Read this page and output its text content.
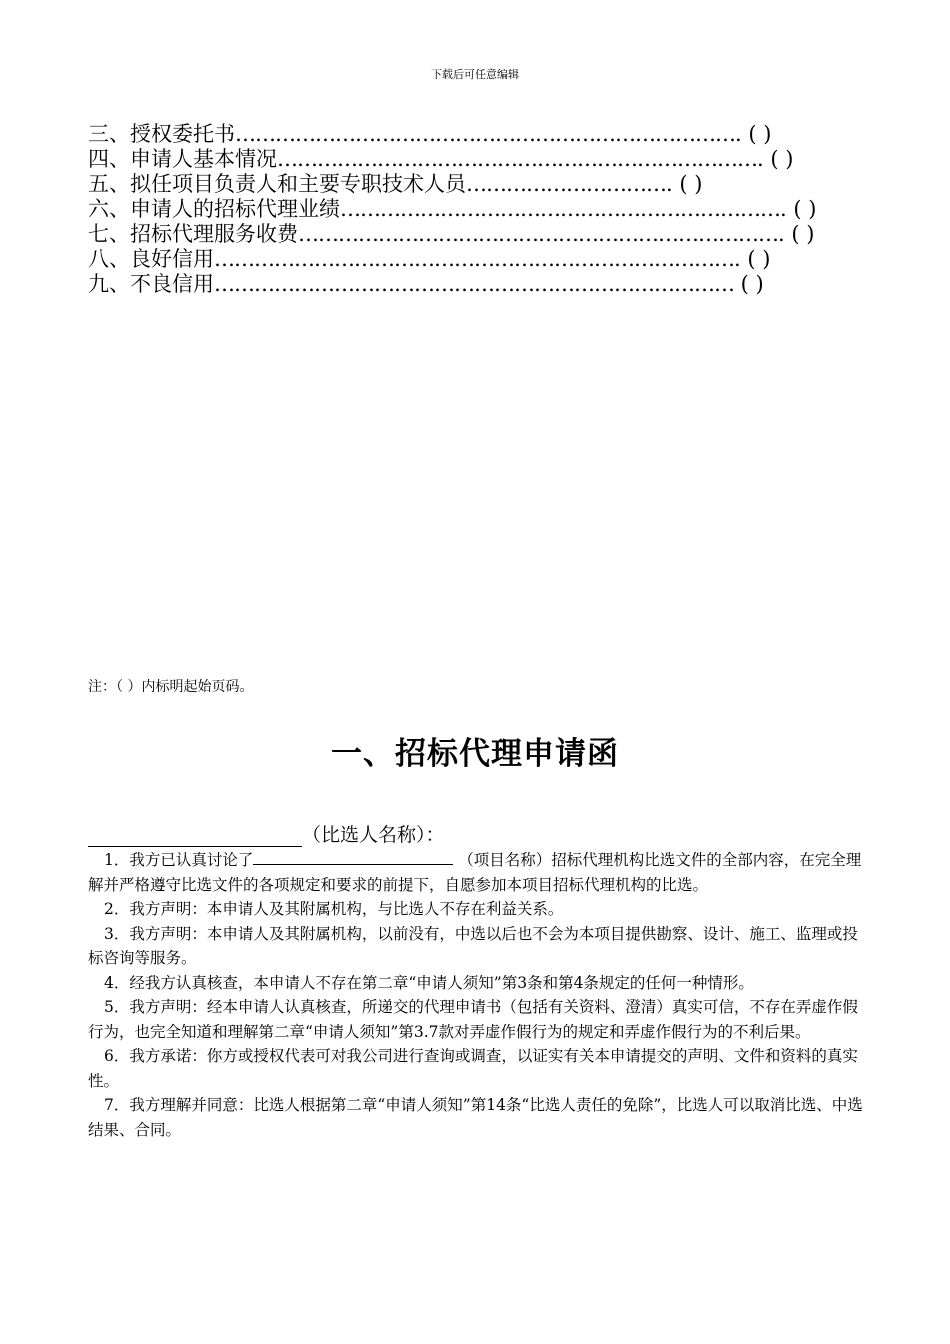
下载后可任意编辑

三、授权委托书…………………………………………………………………. ( )

四、申请人基本情况………………………………………………………………. ( )

五、拟任项目负责人和主要专职技术人员…………………………. ( )

六、申请人的招标代理业绩…………………………………………………………. ( )

七、招标代理服务收费………………………………………………………………. ( )

八、良好信用……………………………………………………………………. ( )

九、不良信用…………………………………………………………………… ( )

注：（ ）内标明起始页码。
一、招标代理申请函
（比选人名称）：

1．我方已认真讨论了	（项目名称）招标代理机构比选文件的全部内容，在完全理解并严格遵守比选文件的各项规定和要求的前提下，自愿参加本项目招标代理机构的比选。

2．我方声明：本申请人及其附属机构，与比选人不存在利益关系。

3．我方声明：本申请人及其附属机构，以前没有，中选以后也不会为本项目提供勘察、设计、施工、监理或投标咨询等服务。

4．经我方认真核查，本申请人不存在第二章“申请人须知”第3条和第4条规定的任何一种情形。

5．我方声明：经本申请人认真核查，所递交的代理申请书（包括有关资料、澄清）真实可信，不存在弄虚作假行为，也完全知道和理解第二章“申请人须知”第3.7款对弄虚作假行为的规定和弄虚作假行为的不利后果。

6．我方承诺：你方或授权代表可对我公司进行查询或调查，以证实有关本申请提交的声明、文件和资料的真实性。

7．我方理解并同意：比选人根据第二章“申请人须知”第14条“比选人责任的免除”，比选人可以取消比选、中选结果、合同。
